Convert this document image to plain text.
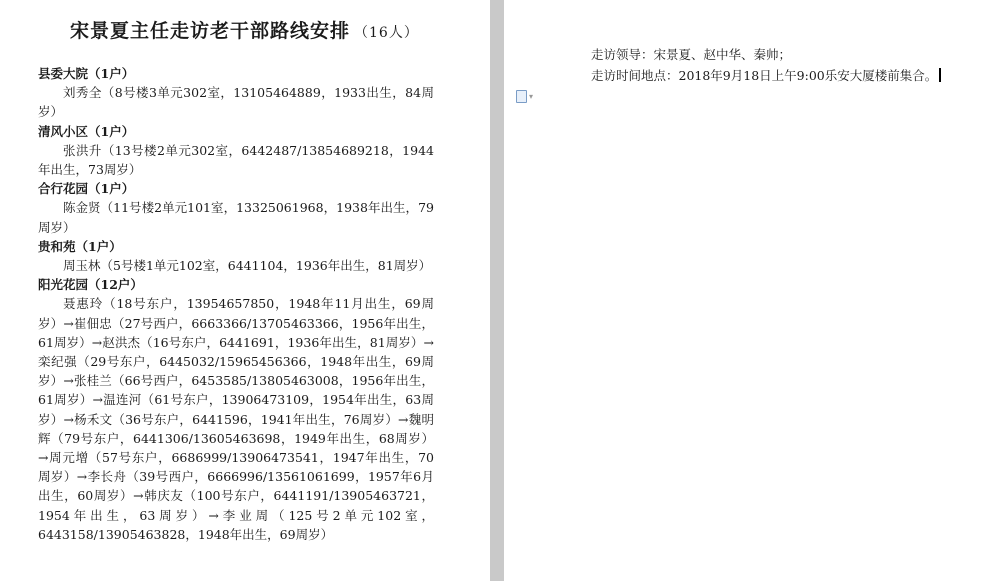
宋景夏主任走访老干部路线安排 （16人）
县委大院（1户）
刘秀全（8号楼3单元302室，13105464889，1933出生，84周岁）
清风小区（1户）
张洪升（13号楼2单元302室，6442487/13854689218，1944年出生，73周岁）
合行花园（1户）
陈金贤（11号楼2单元101室，13325061968，1938年出生，79周岁）
贵和苑（1户）
周玉林（5号楼1单元102室，6441104，1936年出生，81周岁）
阳光花园（12户）
聂惠玲（18号东户，13954657850，1948年11月出生，69周岁）→崔佃忠（27号西户，6663366/13705463366，1956年出生，61周岁）→赵洪杰（16号东户，6441691，1936年出生，81周岁）→栾纪强（29号东户，6445032/15965456366，1948年出生，69周岁）→张桂兰（66号西户，6453585/13805463008，1956年出生，61周岁）→温连河（61号东户，13906473109，1954年出生，63周岁）→杨禾文（36号东户，6441596，1941年出生，76周岁）→魏明辉（79号东户，6441306/13605463698，1949年出生，68周岁）→周元增（57号东户，6686999/13906473541，1947年出生，70周岁）→李长舟（39号西户，6666996/13561061699，1957年6月出生，60周岁）→韩庆友（100号东户，6441191/13905463721，1954年出生，63周岁）→李业周（125号2单元102室，6443158/13905463828，1948年出生，69周岁）

走访领导：宋景夏、赵中华、秦帅；

走访时间地点：2018年9月18日上午9:00乐安大厦楼前集合。

▾
